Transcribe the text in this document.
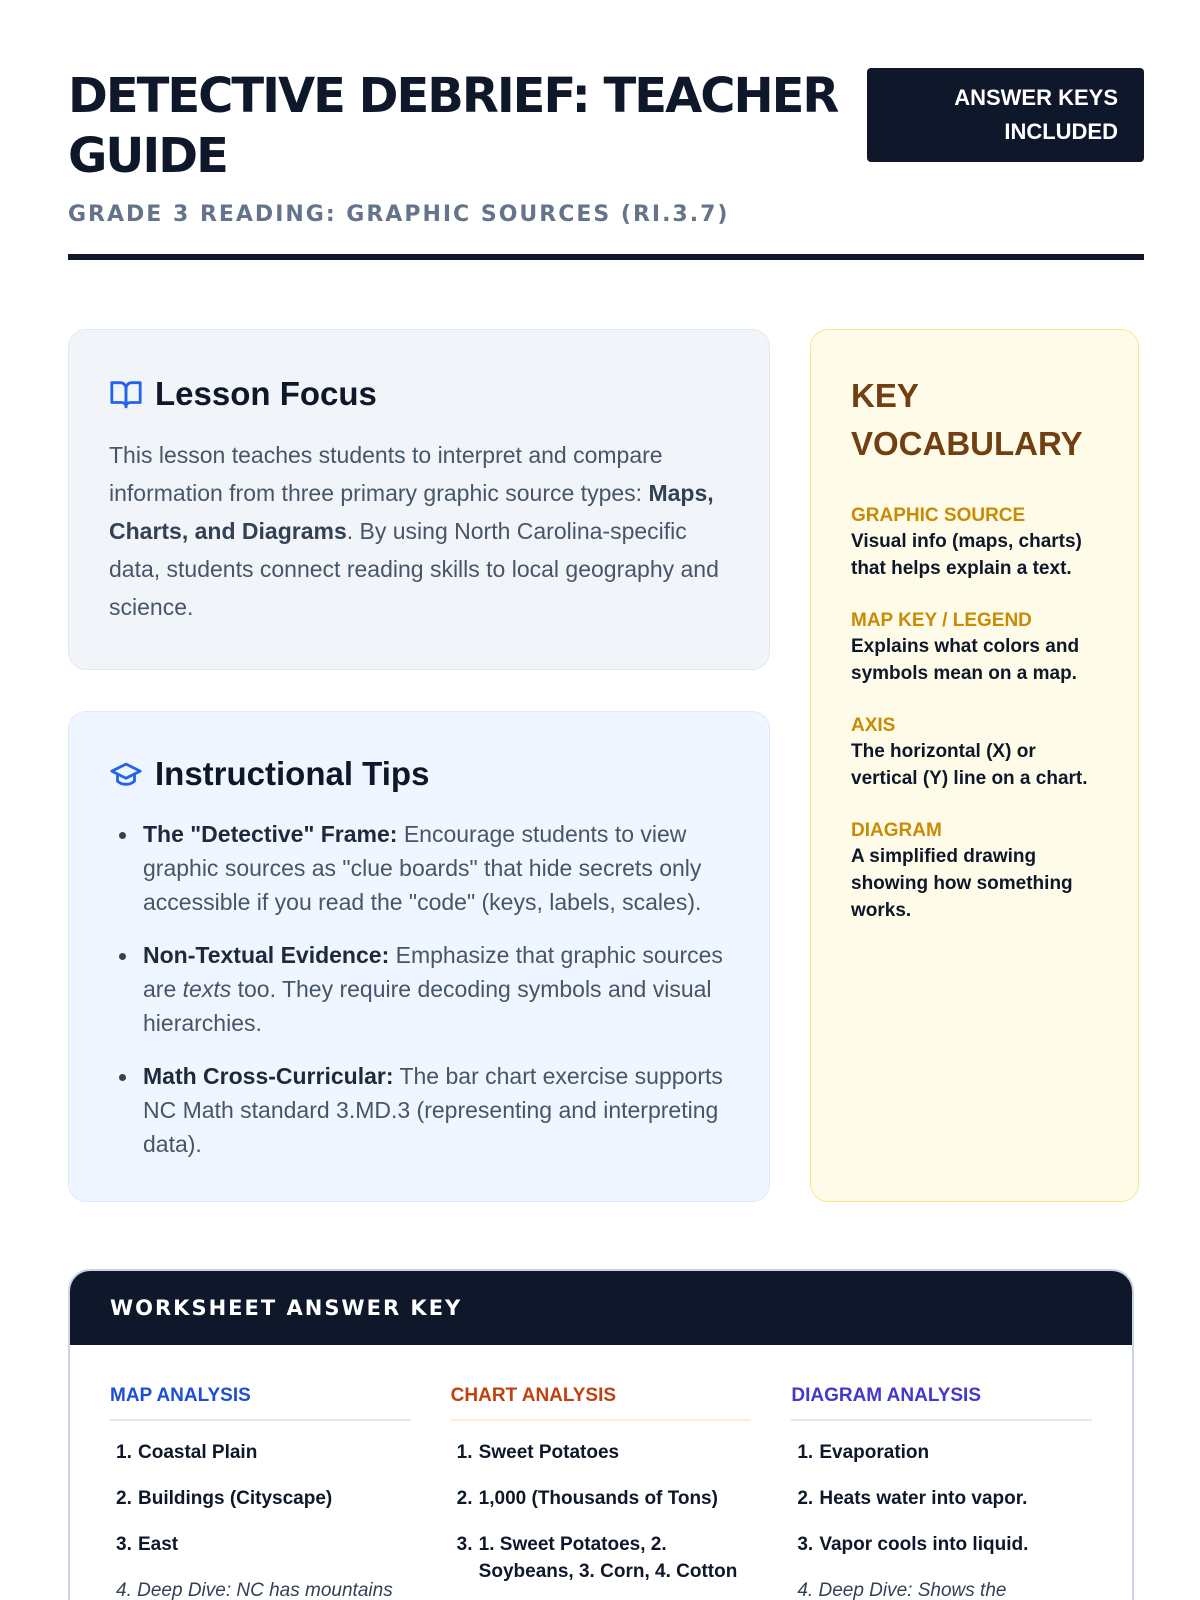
DETECTIVE DEBRIEF: TEACHER GUIDE
GRADE 3 READING: GRAPHIC SOURCES (RI.3.7)
ANSWER KEYS INCLUDED
Lesson Focus

This lesson teaches students to interpret and compare information from three primary graphic source types: Maps, Charts, and Diagrams. By using North Carolina-specific data, students connect reading skills to local geography and science.

Instructional Tips
The "Detective" Frame: Encourage students to view graphic sources as "clue boards" that hide secrets only accessible if you read the "code" (keys, labels, scales).
Non-Textual Evidence: Emphasize that graphic sources are texts too. They require decoding symbols and visual hierarchies.
Math Cross-Curricular: The bar chart exercise supports NC Math standard 3.MD.3 (representing and interpreting data).
KEY VOCABULARY
GRAPHIC SOURCE
Visual info (maps, charts) that helps explain a text.
MAP KEY / LEGEND
Explains what colors and symbols mean on a map.
AXIS
The horizontal (X) or vertical (Y) line on a chart.
DIAGRAM
A simplified drawing showing how something works.
WORKSHEET ANSWER KEY
MAP ANALYSIS
1. Coastal Plain
2. Buildings (Cityscape)
3. East
4. Deep Dive: NC has mountains
CHART ANALYSIS
1. Sweet Potatoes
2. 1,000 (Thousands of Tons)
3. 1. Sweet Potatoes, 2. Soybeans, 3. Corn, 4. Cotton
DIAGRAM ANALYSIS
1. Evaporation
2. Heats water into vapor.
3. Vapor cools into liquid.
4. Deep Dive: Shows the
